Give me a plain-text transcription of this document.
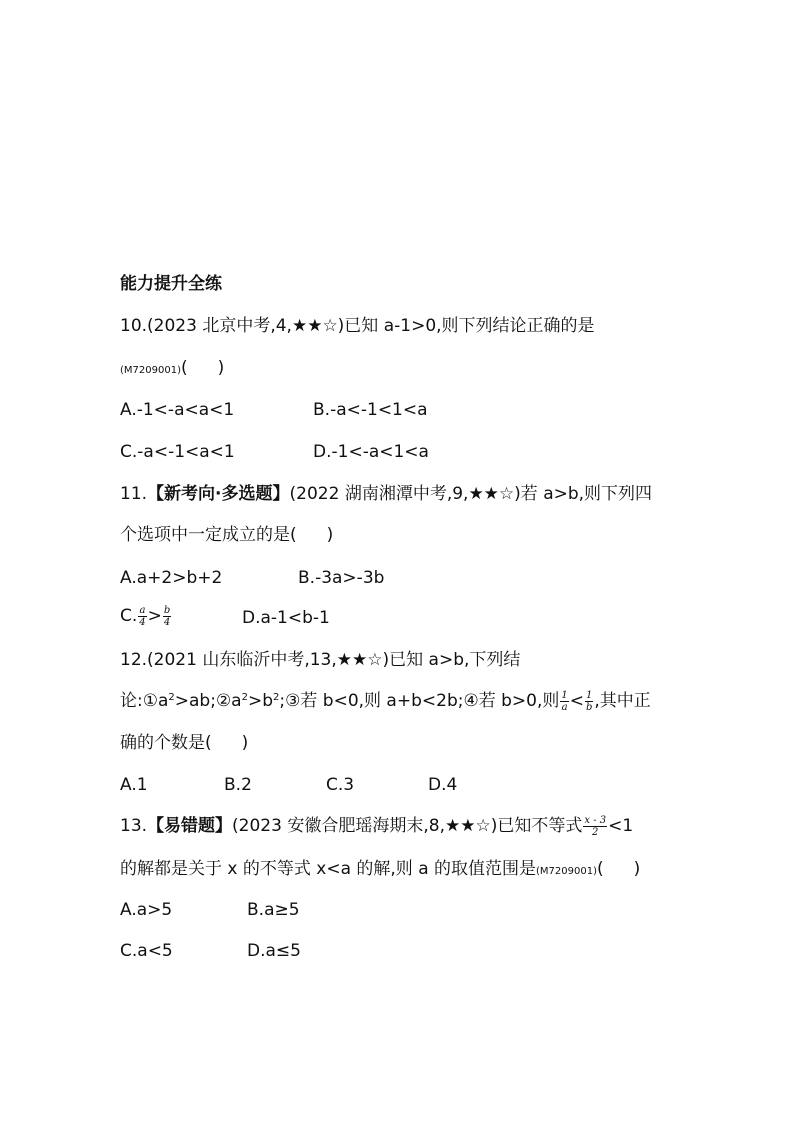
能力提升全练
10.(2023 北京中考,4,★★☆)已知 a-1>0,则下列结论正确的是
(M7209001)( )
A.-1<-a<a<1	B.-a<-1<1<a
C.-a<-1<a<1	D.-1<-a<1<a
11.【新考向·多选题】(2022 湖南湘潭中考,9,★★☆)若 a>b,则下列四
个选项中一定成立的是( )
A.a+2>b+2	B.-3a>-3b
C. $\frac{a}{4} > \frac{b}{4}$	D.a-1<b-1
12.(2021 山东临沂中考,13,★★☆)已知 a>b,下列结
论$:①a^2>ab;②a^2>b^2;③$若 b<0,则 a+b<2b;④若 b>0,则 $\frac{1}{a} < \frac{1}{b}$ ,其中正
确的个数是( )
A.1	B.2	C.3	D.4
13.【易错题】(2023 安徽合肥瑶海期末,8,★★☆)已知不等式 $\frac{x - 3}{2} <1$
的解都是关于 x 的不等式 x<a 的解,则 a 的取值范围是(M7209001)( )
A.a>5	B.a≥5
C.a<5	D.a≤5
